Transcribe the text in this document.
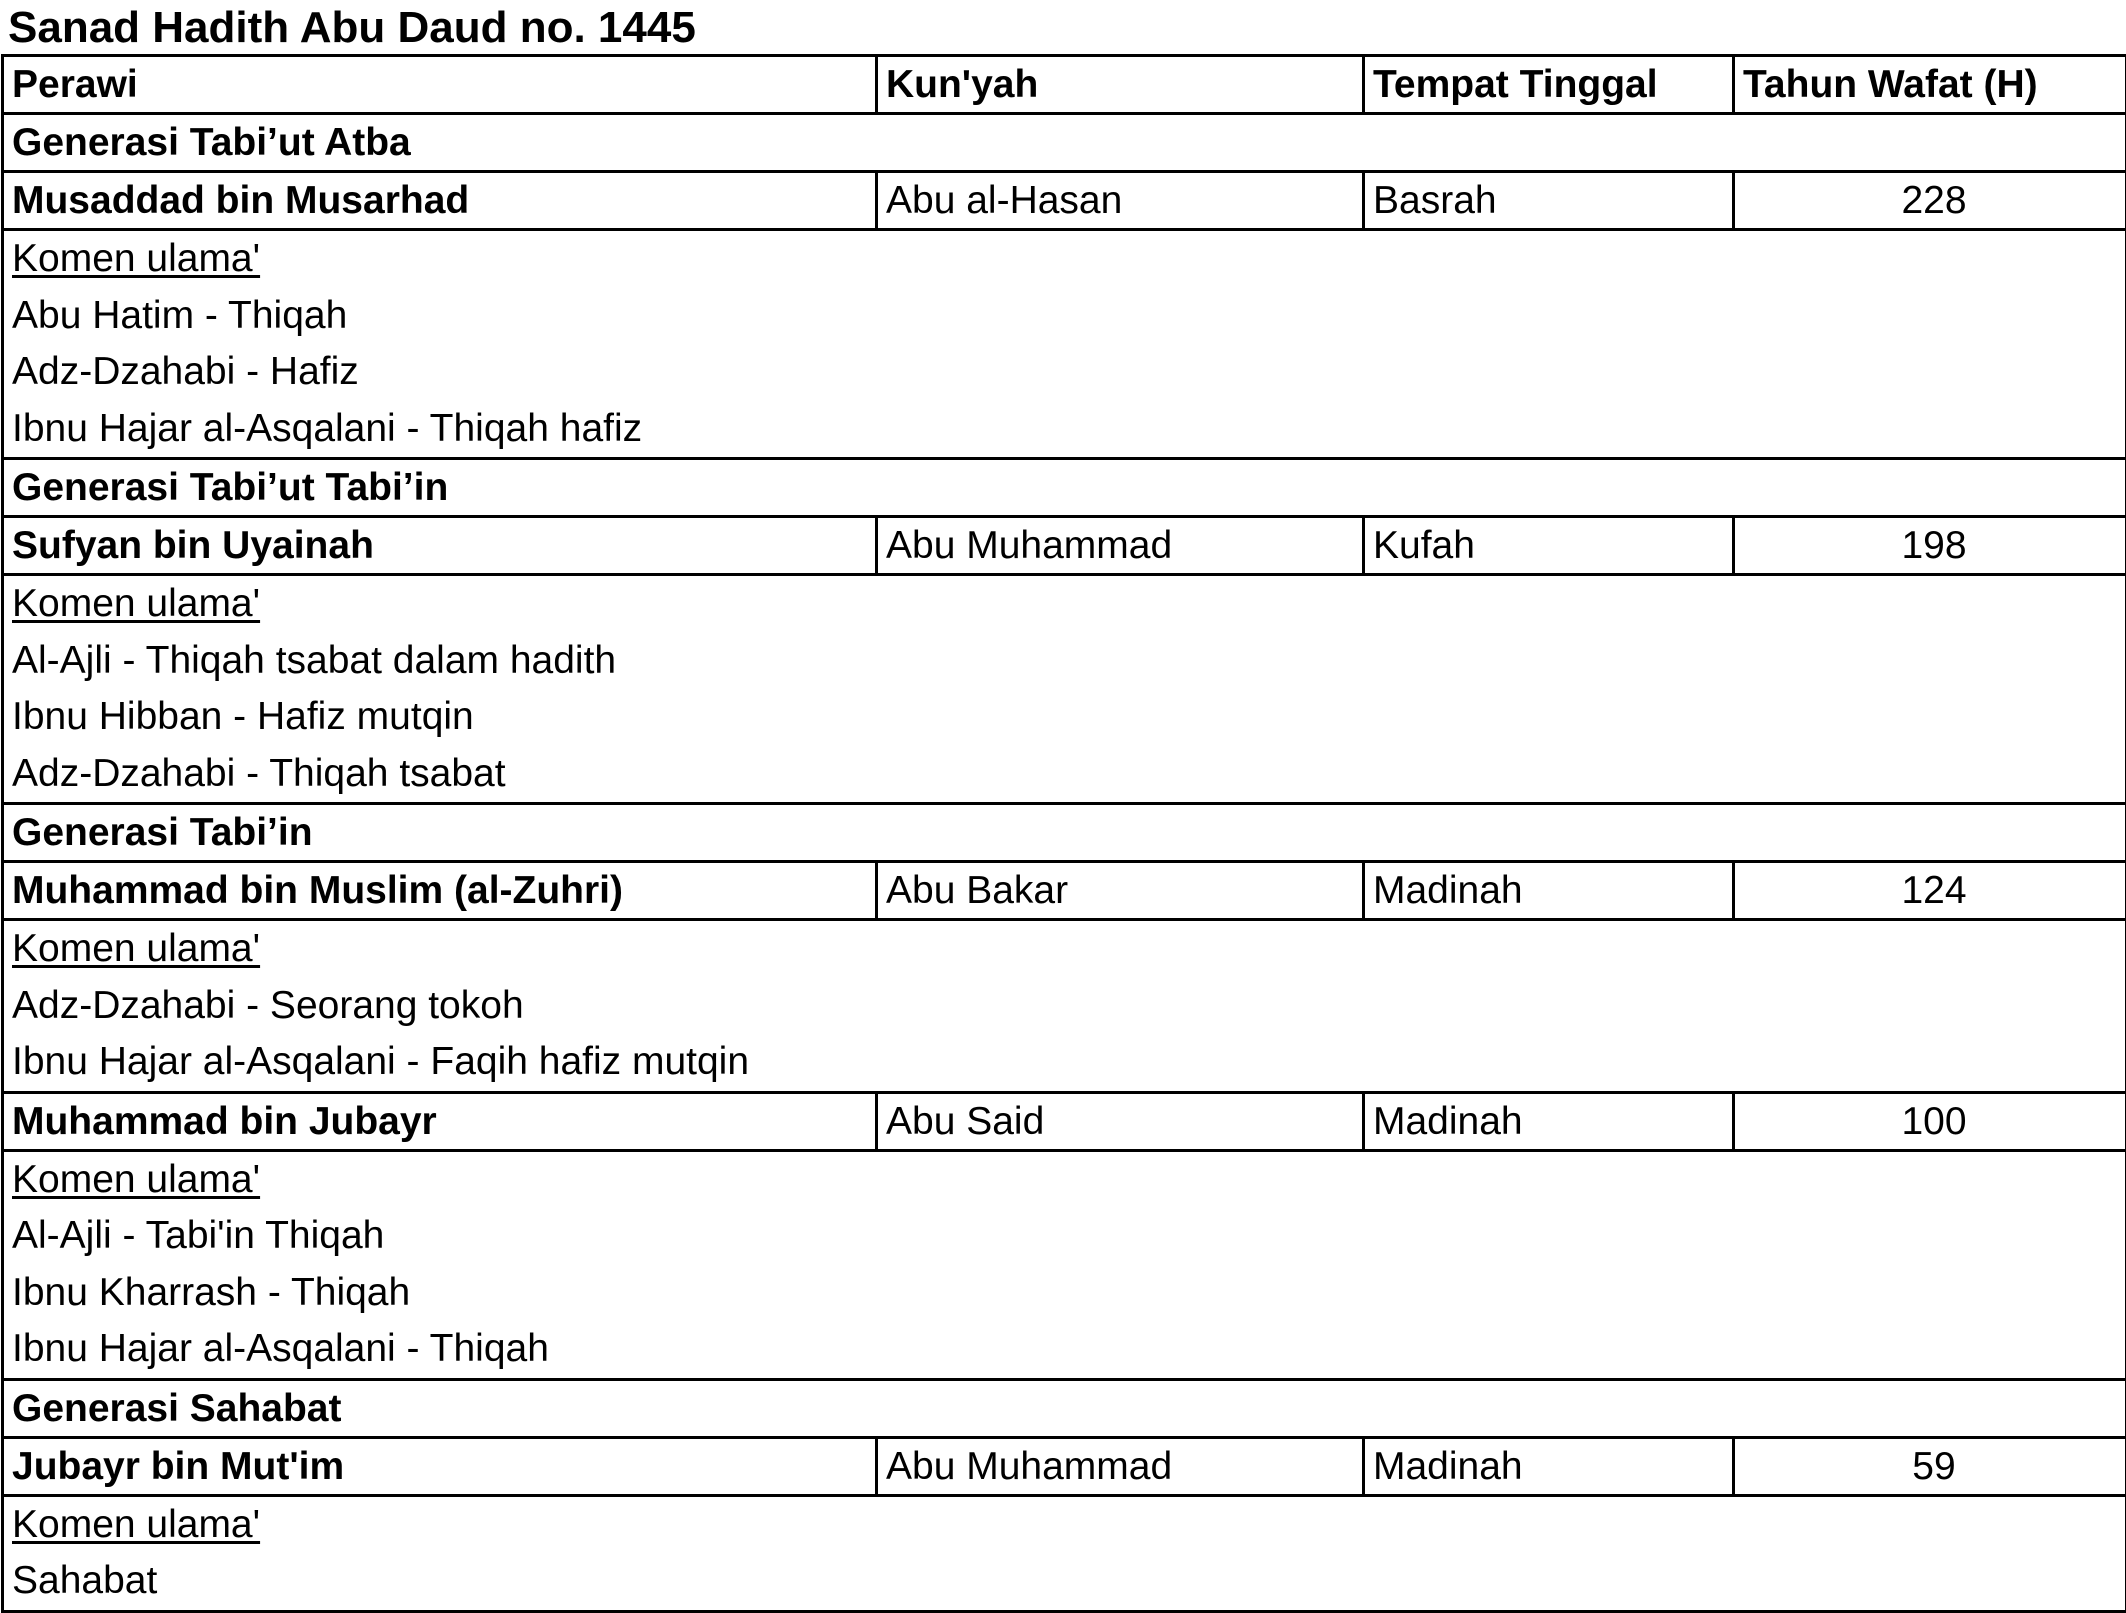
Sanad Hadith Abu Daud no. 1445
Perawi	Kun'yah	Tempat Tinggal	Tahun Wafat (H)
Generasi Tabi’ut Atba			
Musaddad bin Musarhad	Abu al-Hasan	Basrah	228

Komen ulama'
Abu Hatim - Thiqah
Adz-Dzahabi - Hafiz
Ibnu Hajar al-Asqalani - Thiqah hafiz			

Generasi Tabi’ut Tabi’in			
Sufyan bin Uyainah	Abu Muhammad	Kufah	198

Komen ulama'
Al-Ajli - Thiqah tsabat dalam hadith
Ibnu Hibban - Hafiz mutqin
Adz-Dzahabi - Thiqah tsabat			

Generasi Tabi’in			
Muhammad bin Muslim (al-Zuhri)	Abu Bakar	Madinah	124

Komen ulama'
Adz-Dzahabi - Seorang tokoh
Ibnu Hajar al-Asqalani - Faqih hafiz mutqin			

Muhammad bin Jubayr	Abu Said	Madinah	100

Komen ulama'
Al-Ajli - Tabi'in Thiqah
Ibnu Kharrash - Thiqah
Ibnu Hajar al-Asqalani - Thiqah			

Generasi Sahabat			
Jubayr bin Mut'im	Abu Muhammad	Madinah	59

Komen ulama'
Sahabat			
